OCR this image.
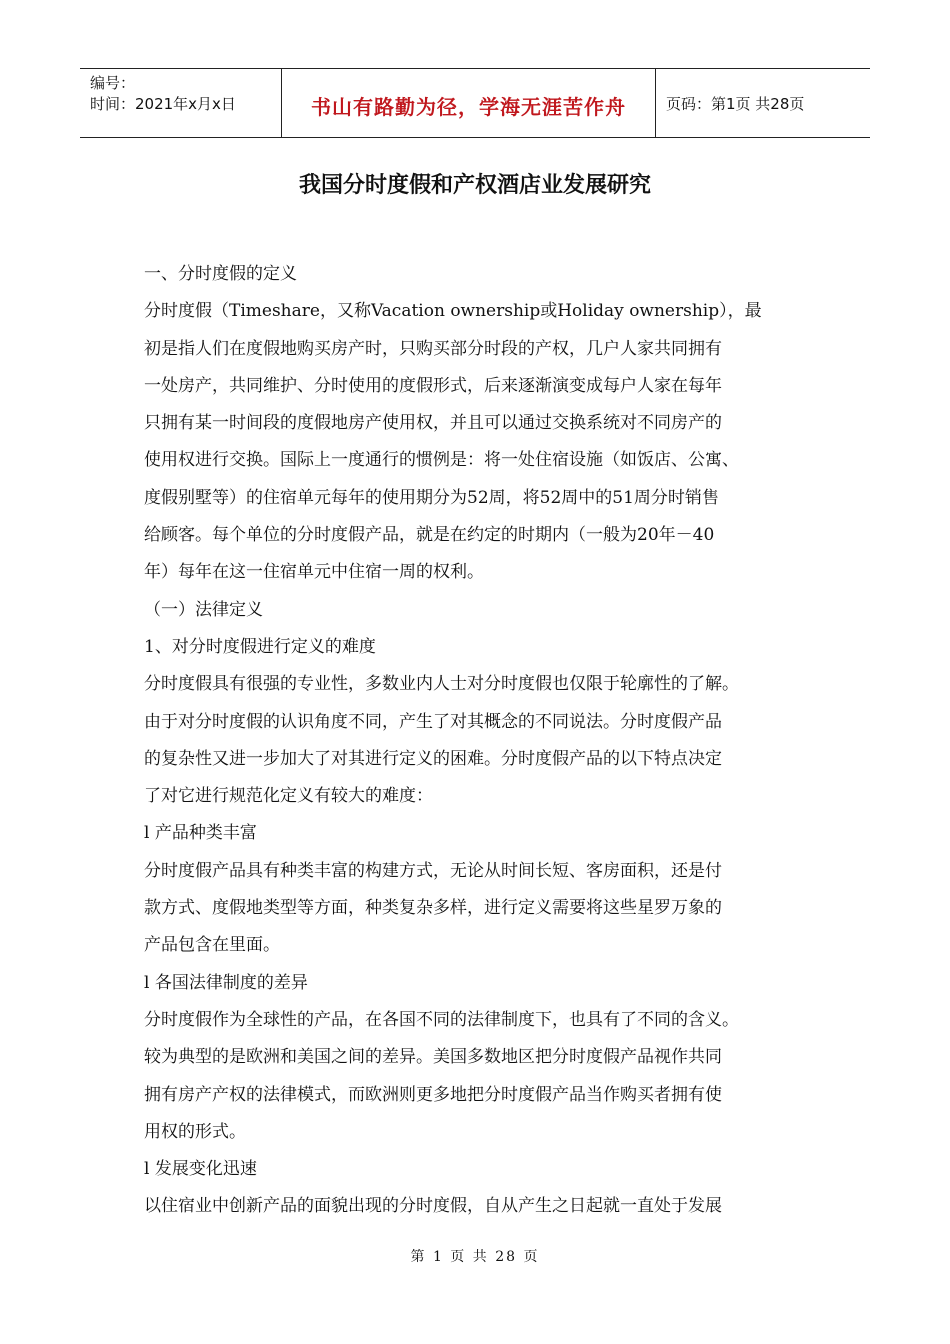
编号：
时间：2021年x月x日	书山有路勤为径，学海无涯苦作舟	页码：第1页 共28页
我国分时度假和产权酒店业发展研究

一、分时度假的定义

分时度假（Timeshare，又称Vacation ownership或Holiday ownership），最
初是指人们在度假地购买房产时，只购买部分时段的产权，几户人家共同拥有
一处房产，共同维护、分时使用的度假形式，后来逐渐演变成每户人家在每年
只拥有某一时间段的度假地房产使用权，并且可以通过交换系统对不同房产的
使用权进行交换。国际上一度通行的惯例是：将一处住宿设施（如饭店、公寓、
度假别墅等）的住宿单元每年的使用期分为52周，将52周中的51周分时销售
给顾客。每个单位的分时度假产品，就是在约定的时期内（一般为20年－40
年）每年在这一住宿单元中住宿一周的权利。

（一）法律定义

1、对分时度假进行定义的难度

分时度假具有很强的专业性，多数业内人士对分时度假也仅限于轮廓性的了解。
由于对分时度假的认识角度不同，产生了对其概念的不同说法。分时度假产品
的复杂性又进一步加大了对其进行定义的困难。分时度假产品的以下特点决定
了对它进行规范化定义有较大的难度：

l 产品种类丰富

分时度假产品具有种类丰富的构建方式，无论从时间长短、客房面积，还是付
款方式、度假地类型等方面，种类复杂多样，进行定义需要将这些星罗万象的
产品包含在里面。

l 各国法律制度的差异

分时度假作为全球性的产品，在各国不同的法律制度下，也具有了不同的含义。
较为典型的是欧洲和美国之间的差异。美国多数地区把分时度假产品视作共同
拥有房产产权的法律模式，而欧洲则更多地把分时度假产品当作购买者拥有使
用权的形式。

l 发展变化迅速

以住宿业中创新产品的面貌出现的分时度假，自从产生之日起就一直处于发展

第 1 页 共 28 页
